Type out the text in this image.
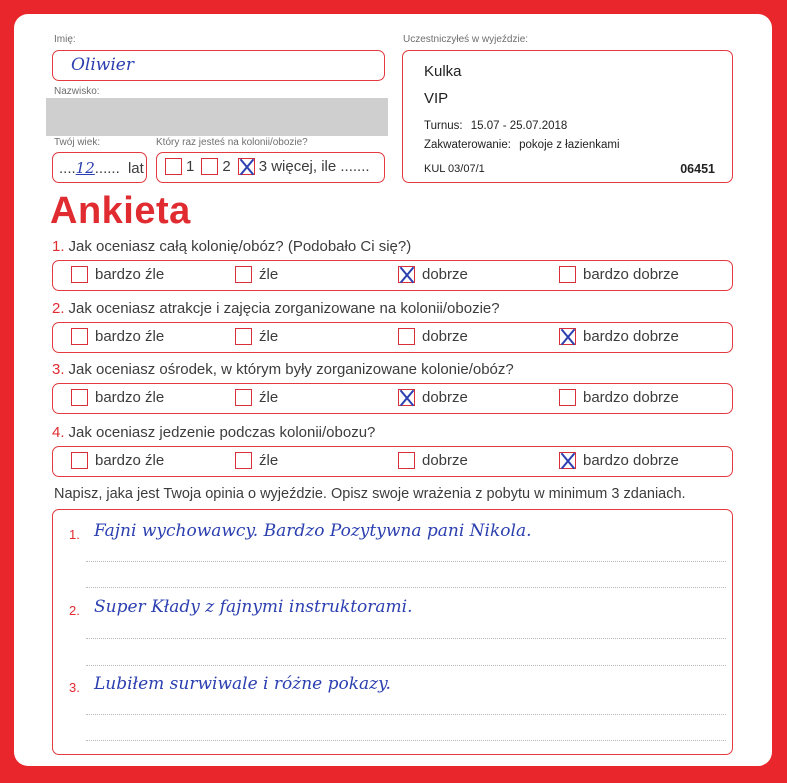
Imię:
Oliwier
Nazwisko:
Twój wiek:
....12...... lat
Który raz jesteś na kolonii/obozie?
1 2 3 więcej, ile .......
Uczestniczyłeś w wyjeździe:
Kulka
VIP
Turnus: 15.07 - 25.07.2018
Zakwaterowanie: pokoje z łazienkami
KUL 03/07/1	06451
Ankieta
1. Jak oceniasz całą kolonię/obóz? (Podobało Ci się?)
bardzo źle	źle	dobrze	bardzo dobrze
2. Jak oceniasz atrakcje i zajęcia zorganizowane na kolonii/obozie?
bardzo źle	źle	dobrze	bardzo dobrze
3. Jak oceniasz ośrodek, w którym były zorganizowane kolonie/obóz?
bardzo źle	źle	dobrze	bardzo dobrze
4. Jak oceniasz jedzenie podczas kolonii/obozu?
bardzo źle	źle	dobrze	bardzo dobrze
Napisz, jaka jest Twoja opinia o wyjeździe. Opisz swoje wrażenia z pobytu w minimum 3 zdaniach.
1. Fajni wychowawcy. Bardzo Pozytywna pani Nikola.
2. Super Kłady z fajnymi instruktorami.
3. Lubiłem surwiwale i różne pokazy.
